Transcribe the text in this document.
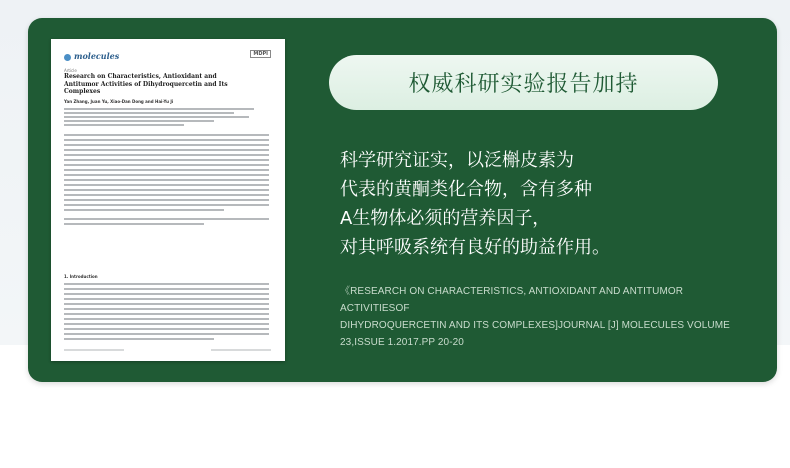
molecules	MDPI
Article
Research on Characteristics, Antioxidant and Antitumor Activities of Dihydroquercetin and Its Complexes
Yan Zhang, Juan Yu, Xiao-Dan Dong and Hai-Yu Ji
1. Introduction
权威科研实验报告加持
科学研究证实，以泛槲皮素为
代表的黄酮类化合物，含有多种
A生物体必须的营养因子，
对其呼吸系统有良好的助益作用。
《RESEARCH ON CHARACTERISTICS, ANTIOXIDANT AND ANTITUMOR ACTIVITIESOF
DIHYDROQUERCETIN AND ITS COMPLEXES]JOURNAL [J] MOLECULES VOLUME
23,ISSUE 1.2017.PP 20-20
